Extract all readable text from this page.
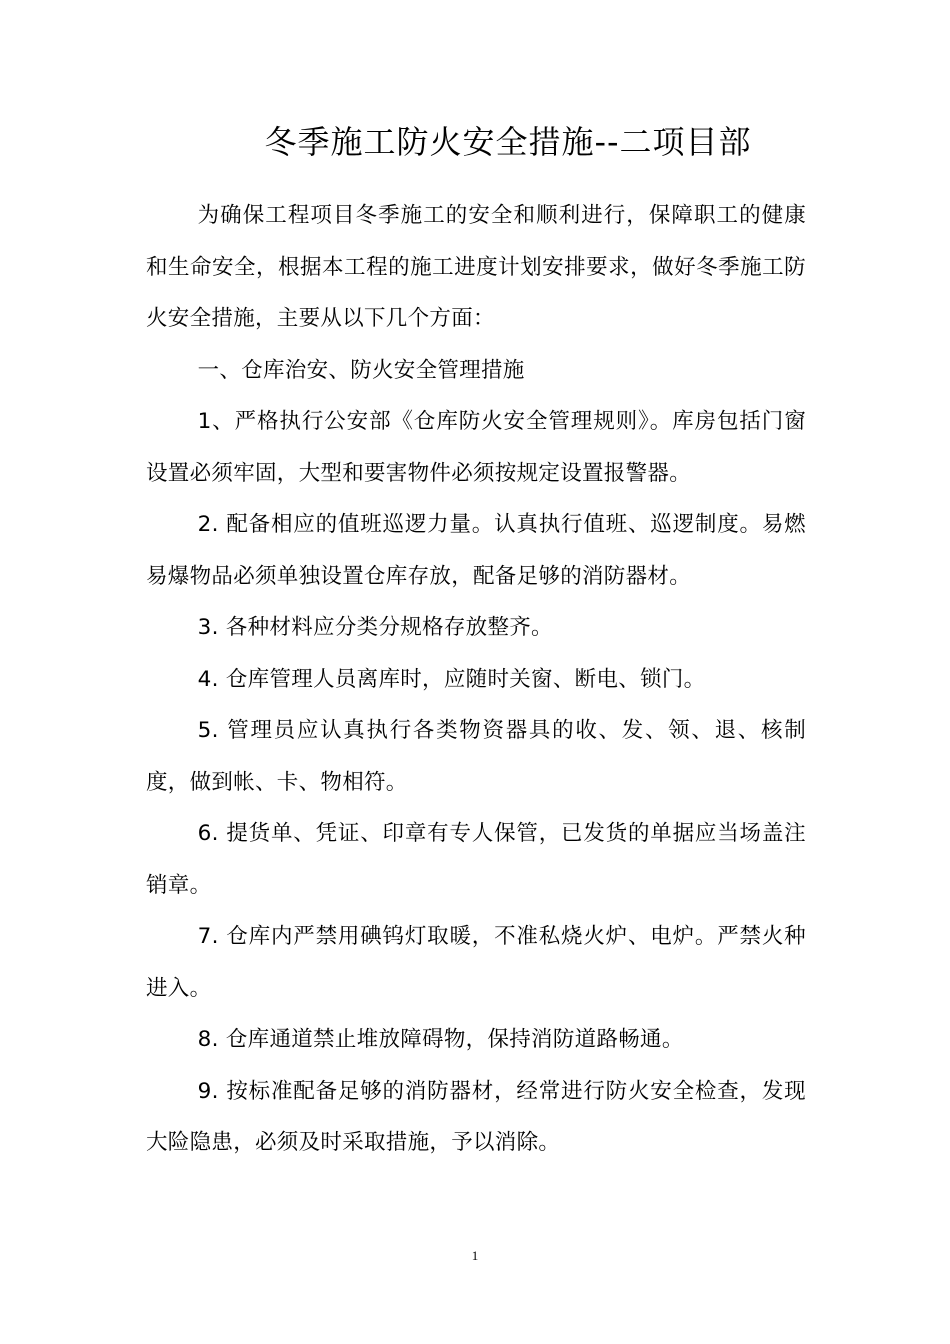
冬季施工防火安全措施--二项目部

为确保工程项目冬季施工的安全和顺利进行，保障职工的健康和生命安全，根据本工程的施工进度计划安排要求，做好冬季施工防火安全措施，主要从以下几个方面：

一、仓库治安、防火安全管理措施

1、严格执行公安部《仓库防火安全管理规则》。库房包括门窗设置必须牢固，大型和要害物件必须按规定设置报警器。

2. 配备相应的值班巡逻力量。认真执行值班、巡逻制度。易燃易爆物品必须单独设置仓库存放，配备足够的消防器材。

3. 各种材料应分类分规格存放整齐。

4. 仓库管理人员离库时，应随时关窗、断电、锁门。

5. 管理员应认真执行各类物资器具的收、发、领、退、核制度，做到帐、卡、物相符。

6. 提货单、凭证、印章有专人保管，已发货的单据应当场盖注销章。

7. 仓库内严禁用碘钨灯取暖，不准私烧火炉、电炉。严禁火种进入。

8. 仓库通道禁止堆放障碍物，保持消防道路畅通。

9. 按标准配备足够的消防器材，经常进行防火安全检查，发现大险隐患，必须及时采取措施，予以消除。

1
